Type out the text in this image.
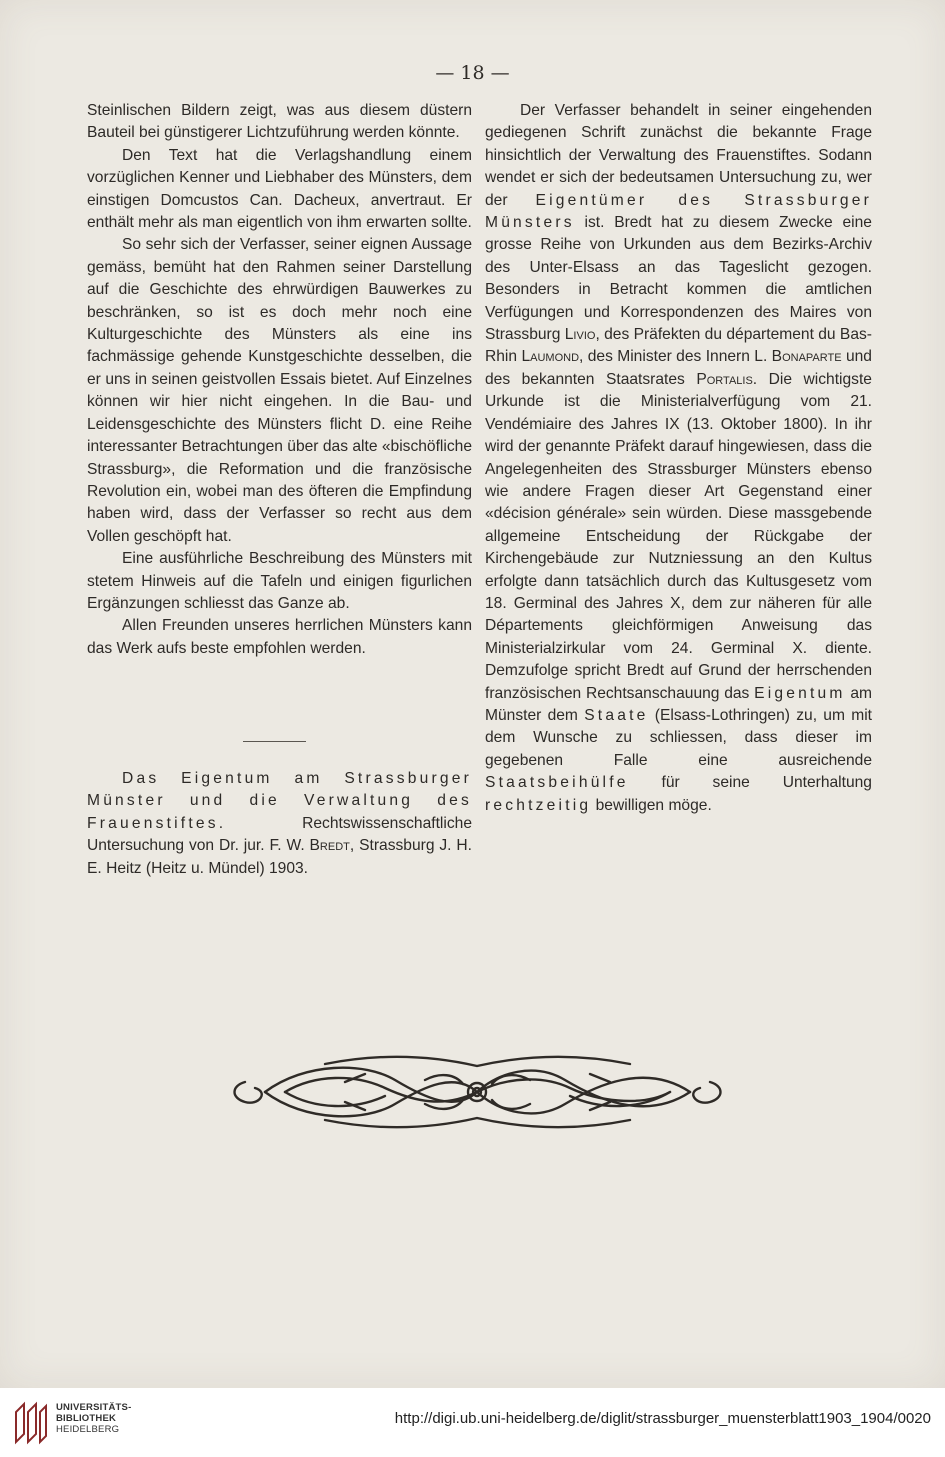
— 18 —

Steinlischen Bildern zeigt, was aus diesem düstern Bauteil bei günstigerer Lichtzuführung werden könnte.

Den Text hat die Verlagshandlung einem vorzüglichen Kenner und Liebhaber des Münsters, dem einstigen Domcustos Can. Dacheux, anvertraut. Er enthält mehr als man eigentlich von ihm erwarten sollte.

So sehr sich der Verfasser, seiner eignen Aussage gemäss, bemüht hat den Rahmen seiner Darstellung auf die Geschichte des ehrwürdigen Bauwerkes zu beschränken, so ist es doch mehr noch eine Kulturgeschichte des Münsters als eine ins fachmässige gehende Kunstgeschichte desselben, die er uns in seinen geistvollen Essais bietet. Auf Einzelnes können wir hier nicht eingehen. In die Bau- und Leidensgeschichte des Münsters flicht D. eine Reihe interessanter Betrachtungen über das alte «bischöfliche Strassburg», die Reformation und die französische Revolution ein, wobei man des öfteren die Empfindung haben wird, dass der Verfasser so recht aus dem Vollen geschöpft hat.

Eine ausführliche Beschreibung des Münsters mit stetem Hinweis auf die Tafeln und einigen figurlichen Ergänzungen schliesst das Ganze ab.

Allen Freunden unseres herrlichen Münsters kann das Werk aufs beste empfohlen werden.

Das Eigentum am Strassburger Münster und die Verwaltung des Frauenstiftes.	Rechtswissenschaftliche Untersuchung von Dr. jur. F. W. Bredt, Strassburg J. H. E. Heitz (Heitz u. Mündel) 1903.

Der Verfasser behandelt in seiner eingehenden gediegenen Schrift zunächst die bekannte Frage hinsichtlich der Verwaltung des Frauenstiftes. Sodann wendet er sich der bedeutsamen Untersuchung zu, wer der Eigentümer des Strassburger Münsters ist. Bredt hat zu diesem Zwecke eine grosse Reihe von Urkunden aus dem Bezirks-Archiv des Unter-Elsass an das Tageslicht gezogen. Besonders in Betracht kommen die amtlichen Verfügungen und Korrespondenzen des Maires von Strassburg Livio, des Präfekten du département du Bas-Rhin Laumond, des Minister des Innern L. Bonaparte und des bekannten Staatsrates Portalis. Die wichtigste Urkunde ist die Ministerialverfügung vom 21. Vendémiaire des Jahres IX (13. Oktober 1800). In ihr wird der genannte Präfekt darauf hingewiesen, dass die Angelegenheiten des Strassburger Münsters ebenso wie andere Fragen dieser Art Gegenstand einer «décision générale» sein würden. Diese massgebende allgemeine Entscheidung der Rückgabe der Kirchengebäude zur Nutzniessung an den Kultus erfolgte dann tatsächlich durch das Kultusgesetz vom 18. Germinal des Jahres X, dem zur näheren für alle Départements gleichförmigen Anweisung das Ministerialzirkular vom 24. Germinal X. diente. Demzufolge spricht Bredt auf Grund der herrschenden französischen Rechtsanschauung das Eigentum am Münster dem Staate (Elsass-Lothringen) zu, um mit dem Wunsche zu schliessen, dass dieser im gegebenen Falle eine ausreichende Staatsbeihülfe für seine Unterhaltung rechtzeitig bewilligen möge.

UNIVERSITÄTS-
BIBLIOTHEK
HEIDELBERG
http://digi.ub.uni-heidelberg.de/diglit/strassburger_muensterblatt1903_1904/0020
